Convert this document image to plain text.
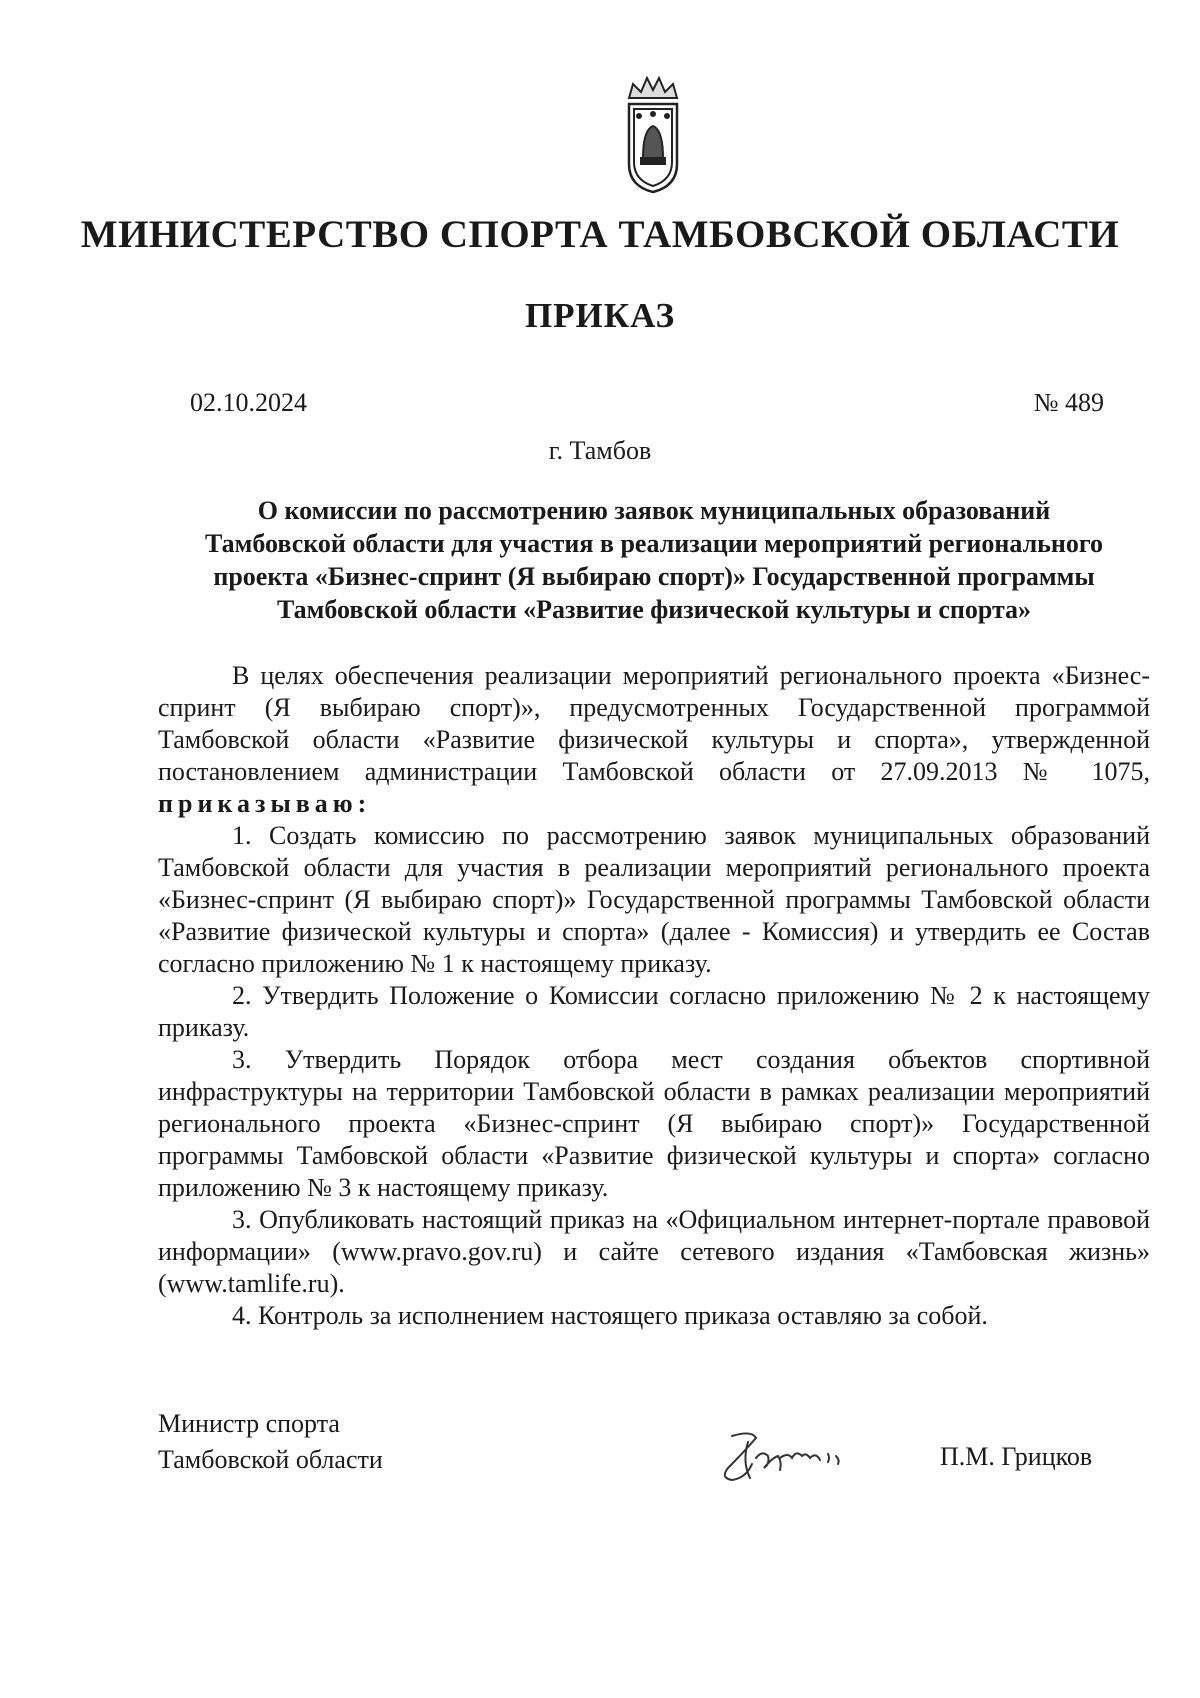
МИНИСТЕРСТВО СПОРТА ТАМБОВСКОЙ ОБЛАСТИ
ПРИКАЗ
02.10.2024	№ 489
г. Тамбов
О комиссии по рассмотрению заявок муниципальных образований
Тамбовской области для участия в реализации мероприятий регионального
проекта «Бизнес-спринт (Я выбираю спорт)» Государственной программы
Тамбовской области «Развитие физической культуры и спорта»

В целях обеспечения реализации мероприятий регионального проекта «Бизнес-спринт (Я выбираю спорт)», предусмотренных Государственной программой Тамбовской области «Развитие физической культуры и спорта», утвержденной постановлением администрации Тамбовской области от 27.09.2013 № 1075, приказываю:

1. Создать комиссию по рассмотрению заявок муниципальных образований Тамбовской области для участия в реализации мероприятий регионального проекта «Бизнес-спринт (Я выбираю спорт)» Государственной программы Тамбовской области «Развитие физической культуры и спорта» (далее - Комиссия) и утвердить ее Состав согласно приложению № 1 к настоящему приказу.

2. Утвердить Положение о Комиссии согласно приложению № 2 к настоящему приказу.

3. Утвердить Порядок отбора мест создания объектов спортивной инфраструктуры на территории Тамбовской области в рамках реализации мероприятий регионального проекта «Бизнес-спринт (Я выбираю спорт)» Государственной программы Тамбовской области «Развитие физической культуры и спорта» согласно приложению № 3 к настоящему приказу.

3. Опубликовать настоящий приказ на «Официальном интернет-портале правовой информации» (www.pravo.gov.ru) и сайте сетевого издания «Тамбовская жизнь» (www.tamlife.ru).

4. Контроль за исполнением настоящего приказа оставляю за собой.

Министр спорта
Тамбовской области	П.М. Грицков
